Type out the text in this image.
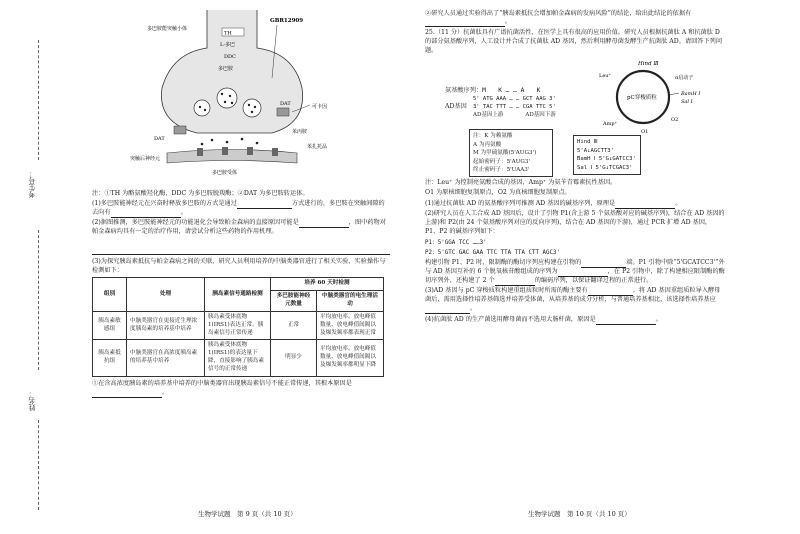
考生号：
姓名：
TH
L-多巴
DDC
多巴胺
多巴胺能突触小体
GBR12909
DAT
DAT
突触后神经元
多巴胺受体
可卡因
苯丙胺
苯扎托品
注：①TH 为酪氨酸羟化酶，DDC 为多巴胺脱羧酶；②DAT 为多巴胺转运体。
(1)多巴胺能神经元在兴奋时释放多巴胺的方式是通过	方式进行的，多巴胺在突触间隙的去向有	。
(2)据图推测，多巴胺能神经元的功能退化会导致帕金森病的直接原因可能是	，图中药物对帕金森病均具有一定的治疗作用，请尝试分析这些药物的作用机理。
(3)为探究胰岛素抵抗与帕金森病之间的关联，研究人员利用培养的中脑类器官进行了相关实验，实验操作与检测如下：
组别	处理	胰岛素信号通路检测	培养 60 天时检测	
			多巴胺能神经元数量	中脑类器官的电生理活动
胰岛素敏感组	中脑类器官在更接近生理浓度胰岛素的培养基中培养	胰岛素受体底物1(IRS1)表达正常，胰岛素信号正常传递	正常	平均放电率、放电峰值数量、放电峰值间隔以及爆发频率都表现正常
胰岛素抵抗组	中脑类器官在高浓度胰岛素的培养基中培养	胰岛素受体底物1(IRS1)的表达量下降，直接影响了胰岛素信号的正常传递	明显少	平均放电率、放电峰值数量、放电峰值间隔以及爆发频率都明显下降
①在含高浓度胰岛素的培养基中培养的中脑类器官出现胰岛素信号不能正常传递，其根本原因是。
生物学试题　第 9 页（共 10 页）
②研究人员通过实验得出了“胰岛素抵抗会增加帕金森病的发病风险”的结论，给出此结论的依据有。
25.（11 分）抗菌肽具有广谱抗菌活性，在医学上具有很高的应用价值。研究人员根据抗菌肽 A 和抗菌肽 D 的部分氨基酸序列，人工设计并合成了抗菌肽 AD 基因，然后利用酵母菌发酵生产抗菌肽 AD。请回答下列问题。
氨基酸序列：M　　K … … A　　K
AD基因
5' ATG AAA … … GCT AAG 3'
3' TAC TTT … … CGA TTC 5'
AD基因上游	AD基因下游
注：K 为赖氨酸
A 为丙氨酸
M 为甲硫氨酸(5'AUG3')
起始密码子：5'AUG3'
终止密码子：5'UAA3'
Hind Ⅲ 5'A↓AGCTT3'
BamH Ⅰ 5'G↓GATCC3'
Sal Ⅰ 5'G↓TCGAC3'
pC穿梭质粒
Hind Ⅲ
α启动子
BamH Ⅰ
Sal Ⅰ
Leu⁺
Amp⁺
O1
O2
注：Leu⁺ 为控制亮氨酸合成的基因，Amp⁺ 为氨苄青霉素抗性基因。
O1 为原核细胞复制原点，O2 为真核细胞复制原点。
(1)通过抗菌肽 AD 的氨基酸序列可推测 AD 基因的碱基序列，原理是	。
(2)研究人员在人工合成 AD 基因后，设计了引物 P1(含上游 5 个氨基酸对应的碱基序列)，结合在 AD 基因的上游)和 P2(由 24 个氨基酸序列对应的反向序列)，结合在 AD 基因的下游)，通过 PCR 扩增 AD 基因，P1、P2 的碱基序列如下：
P1：5'GGA TCC ……3'
P2：5'GTC GAC GAA TTC TTA TTA CTT AGC3'
构建引物 P1、P2 时，限制酶的酶切序列应构建在引物的	端。P1 引物中除“5'GCATCC3'”外与 AD 基因互补的 6 个脱氧核苷酸组成的序列为	，在 P2 引物中，除了构建相应限制酶的酶切序列外，还构建了 2 个	的编码序列，以保证翻译过程的正常进行。
(3)AD 基因与 pC 穿梭质粒构建重组质粒时所需的酶主要有	。将 AD 基因重组质粒导入酵母菌后，需用选择性培养基筛选并培养受体菌，从培养基的成分分析，与普通培养基相比，该选择性培养基应。
(4)抗菌肽 AD 的生产菌选用酵母菌而不选用大肠杆菌，原因是	。
生物学试题　第 10 页（共 10 页）
